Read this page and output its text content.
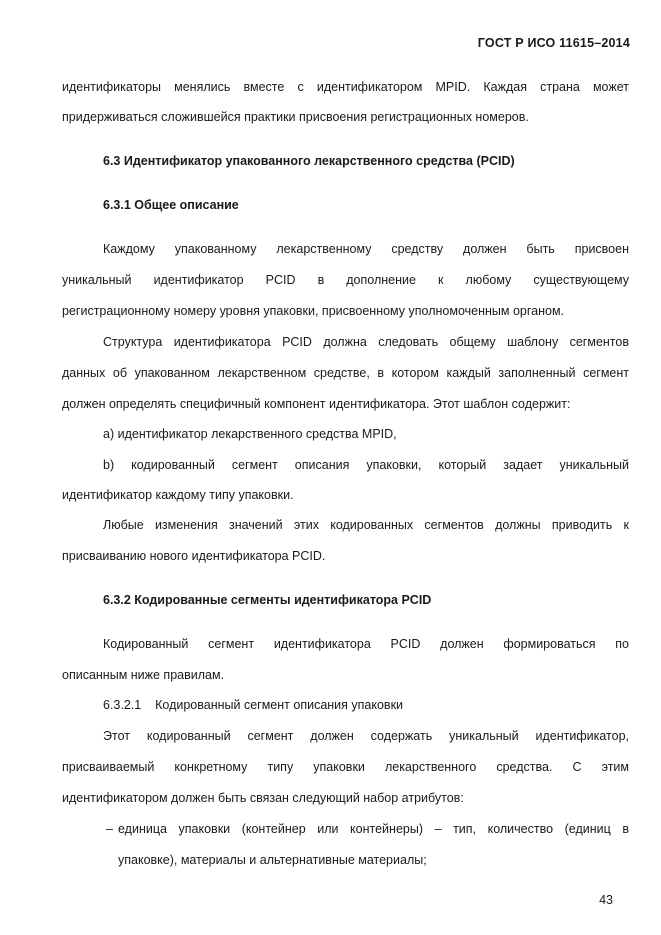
ГОСТ Р ИСО 11615–2014
идентификаторы менялись вместе с идентификатором MPID. Каждая страна может
придерживаться сложившейся практики присвоения регистрационных номеров.
6.3 Идентификатор упакованного лекарственного средства (PCID)
6.3.1 Общее описание
Каждому упакованному лекарственному средству должен быть присвоен
уникальный идентификатор PCID в дополнение к любому существующему
регистрационному номеру уровня упаковки, присвоенному уполномоченным органом.
Структура идентификатора PCID должна следовать общему шаблону сегментов
данных об упакованном лекарственном средстве, в котором каждый заполненный сегмент
должен определять специфичный компонент идентификатора. Этот шаблон содержит:
а) идентификатор лекарственного средства MPID,
b) кодированный сегмент описания упаковки, который задает уникальный
идентификатор каждому типу упаковки.
Любые изменения значений этих кодированных сегментов должны приводить к
присваиванию нового идентификатора PCID.
6.3.2 Кодированные сегменты идентификатора PCID
Кодированный сегмент идентификатора PCID должен формироваться по
описанным ниже правилам.
6.3.2.1    Кодированный сегмент описания упаковки
Этот кодированный сегмент должен содержать уникальный идентификатор,
присваиваемый конкретному типу упаковки лекарственного средства. С этим
идентификатором должен быть связан следующий набор атрибутов:
– единица упаковки (контейнер или контейнеры) – тип, количество (единиц в
упаковке), материалы и альтернативные материалы;
43
